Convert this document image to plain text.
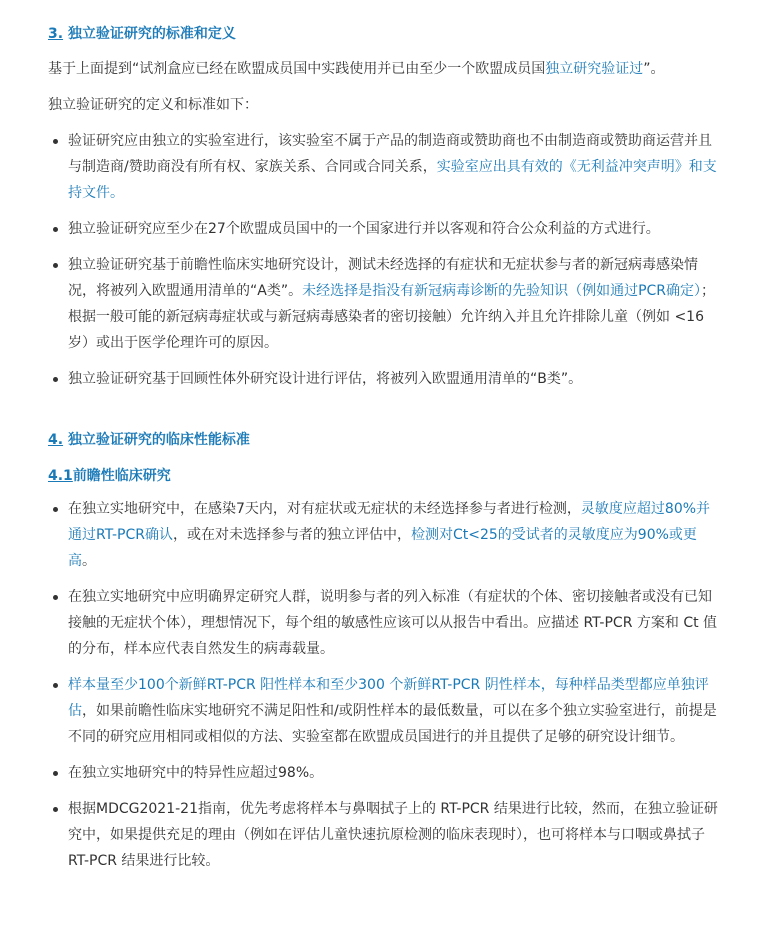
3. 独立验证研究的标准和定义

基于上面提到“试剂盒应已经在欧盟成员国中实践使用并已由至少一个欧盟成员国独立研究验证过”。

独立验证研究的定义和标准如下：

验证研究应由独立的实验室进行，该实验室不属于产品的制造商或赞助商也不由制造商或赞助商运营并且与制造商/赞助商没有所有权、家族关系、合同或合同关系，实验室应出具有效的《无利益冲突声明》和支持文件。
独立验证研究应至少在27个欧盟成员国中的一个国家进行并以客观和符合公众利益的方式进行。
独立验证研究基于前瞻性临床实地研究设计，测试未经选择的有症状和无症状参与者的新冠病毒感染情况，将被列入欧盟通用清单的“A类”。未经选择是指没有新冠病毒诊断的先验知识（例如通过PCR确定）；根据一般可能的新冠病毒症状或与新冠病毒感染者的密切接触）允许纳入并且允许排除儿童（例如 <16 岁）或出于医学伦理许可的原因。
独立验证研究基于回顾性体外研究设计进行评估，将被列入欧盟通用清单的“B类”。
4. 独立验证研究的临床性能标准
4.1前瞻性临床研究
在独立实地研究中，在感染7天内，对有症状或无症状的未经选择参与者进行检测，灵敏度应超过80%并通过RT-PCR确认，或在对未选择参与者的独立评估中，检测对Ct<25的受试者的灵敏度应为90%或更高。
在独立实地研究中应明确界定研究人群，说明参与者的列入标准（有症状的个体、密切接触者或没有已知接触的无症状个体），理想情况下，每个组的敏感性应该可以从报告中看出。应描述 RT-PCR 方案和 Ct 值的分布，样本应代表自然发生的病毒载量。
样本量至少100个新鲜RT-PCR 阳性样本和至少300 个新鲜RT-PCR 阴性样本，每种样品类型都应单独评估，如果前瞻性临床实地研究不满足阳性和/或阴性样本的最低数量，可以在多个独立实验室进行，前提是不同的研究应用相同或相似的方法、实验室都在欧盟成员国进行的并且提供了足够的研究设计细节。
在独立实地研究中的特异性应超过98%。
根据MDCG2021-21指南，优先考虑将样本与鼻咽拭子上的 RT-PCR 结果进行比较，然而，在独立验证研究中，如果提供充足的理由（例如在评估儿童快速抗原检测的临床表现时），也可将样本与口咽或鼻拭子RT-PCR 结果进行比较。
